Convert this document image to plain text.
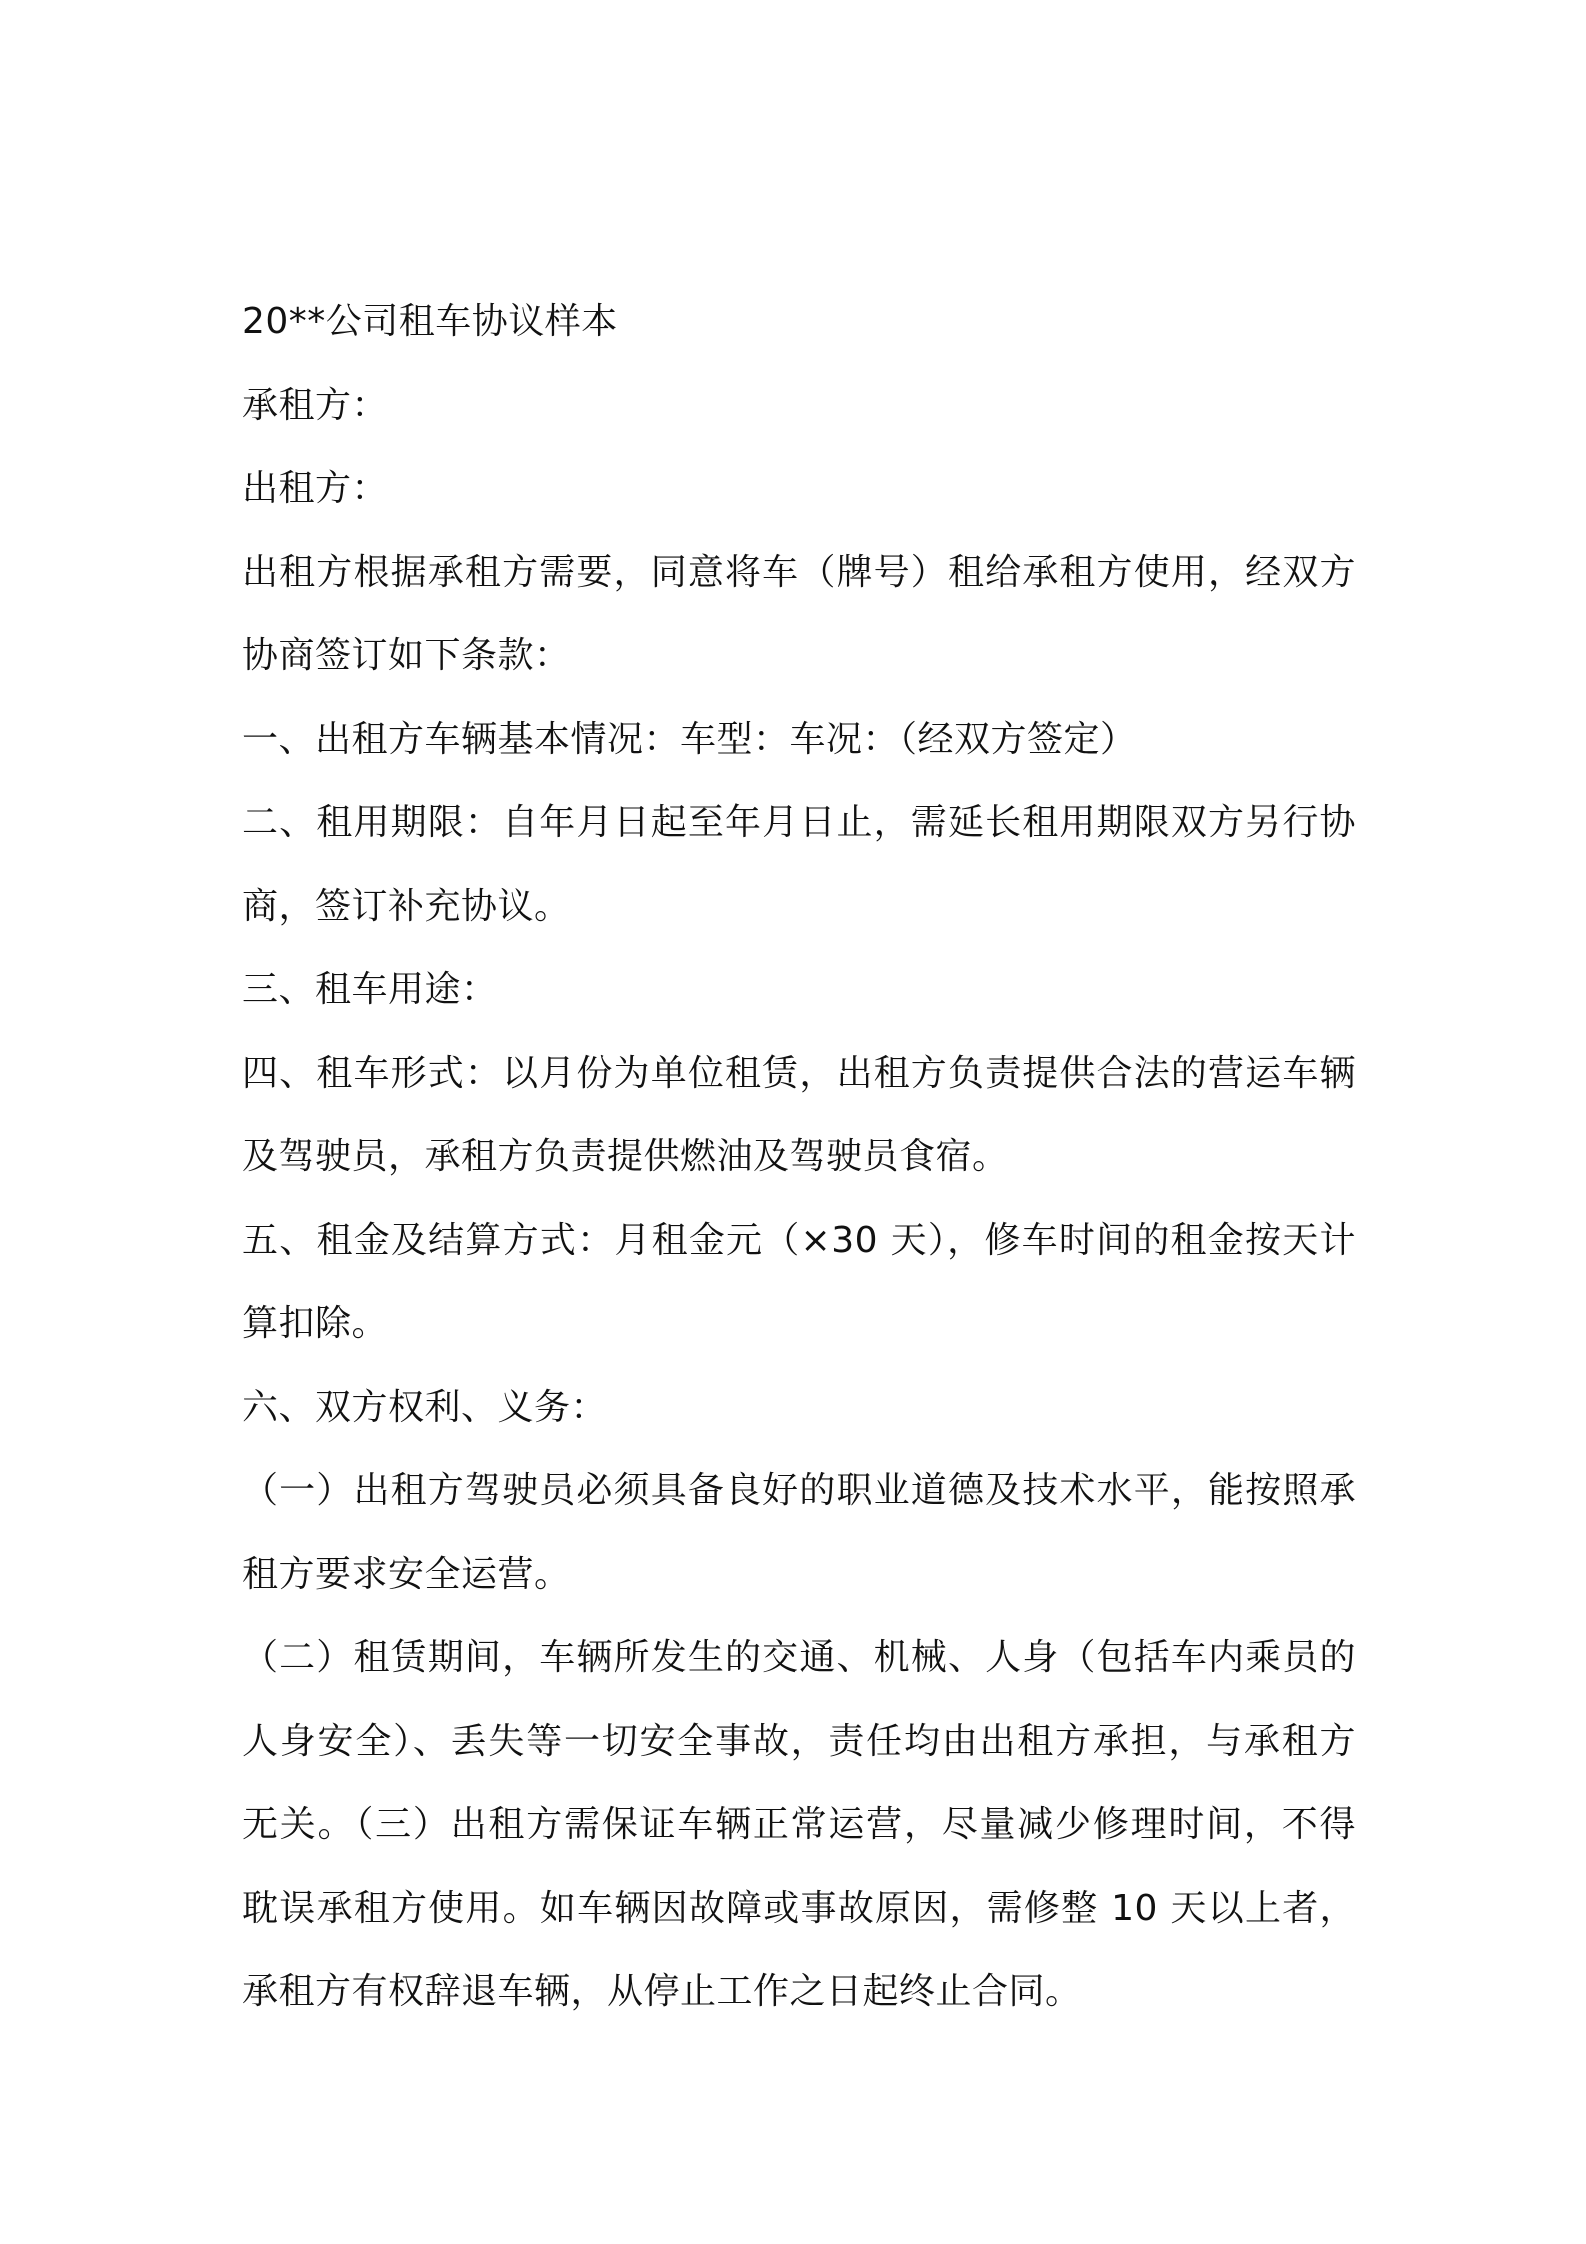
20**公司租车协议样本
承租方：
出租方：
出租方根据承租方需要，同意将车（牌号）租给承租方使用，经双方
协商签订如下条款：
一、出租方车辆基本情况：车型：车况：（经双方签定）
二、租用期限：自年月日起至年月日止，需延长租用期限双方另行协
商，签订补充协议。
三、租车用途：
四、租车形式：以月份为单位租赁，出租方负责提供合法的营运车辆
及驾驶员，承租方负责提供燃油及驾驶员食宿。
五、租金及结算方式：月租金元（×30 天），修车时间的租金按天计
算扣除。
六、双方权利、义务：
（一）出租方驾驶员必须具备良好的职业道德及技术水平，能按照承
租方要求安全运营。
（二）租赁期间，车辆所发生的交通、机械、人身（包括车内乘员的
人身安全）、丢失等一切安全事故，责任均由出租方承担，与承租方
无关。（三）出租方需保证车辆正常运营，尽量减少修理时间，不得
耽误承租方使用。如车辆因故障或事故原因，需修整 10 天以上者，
承租方有权辞退车辆，从停止工作之日起终止合同。
